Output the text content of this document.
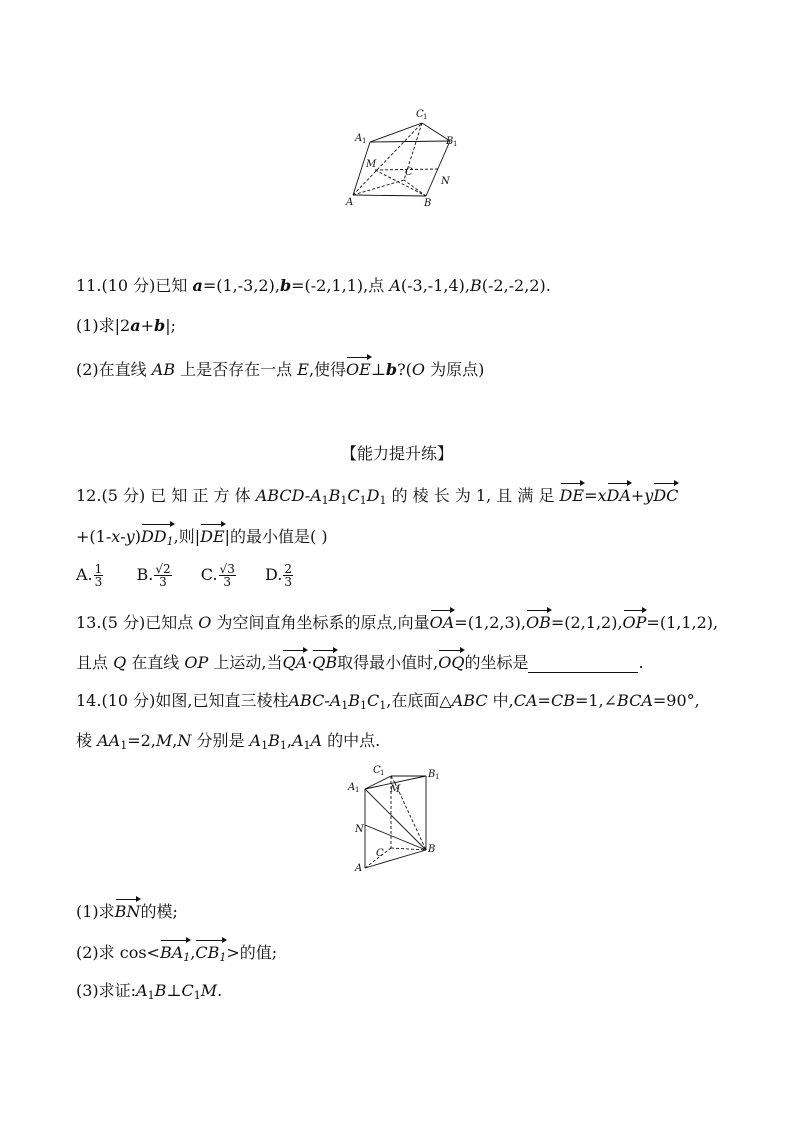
A 1
C 1
B 1
M
C
N
A	B
11.(10 分)已知 a=(1,-3,2),b=(-2,1,1),点 A(-3,-1,4),B(-2,-2,2).
(1)求|2a+b|;
(2)在直线 AB 上是否存在一点 E,使得OE⊥b?(O 为原点)
【能力提升练】
12.(5 分) 已 知 正 方 体 ABCD-$A_1B_1C_1D_1$ 的 棱 长 为 1, 且 满 足 DE=xDA+yDC
$+(1-x-y)DD_1$,则|DE|的最小值是( )
A. $\frac{1}{3} B$. $\frac{√2}{3} C$. $\frac{√3}{3} D$. $\frac{2}{3}$
13.(5 分)已知点 O 为空间直角坐标系的原点,向量OA=(1,2,3),OB=(2,1,2),OP=(1,1,2),
且点 Q 在直线 OP 上运动,当QA·QB取得最小值时,OQ的坐标是	.
14.(10 分)如图,已知直三棱柱ABC-$A_1B_1C_1$,在底面△ABC 中,CA=CB=1,∠BCA=90°,
棱 $AA_1=2,M,N$ 分别是 $A_1B_1,A_1A$ 的中点.
C 1	B 1
A 1	M
N
C	B
A
(1)求BN的模;
(2)求 $\cos<BA_1,CB_1>$的值;
(3)求证$:A_1B\perp C_1M$.
